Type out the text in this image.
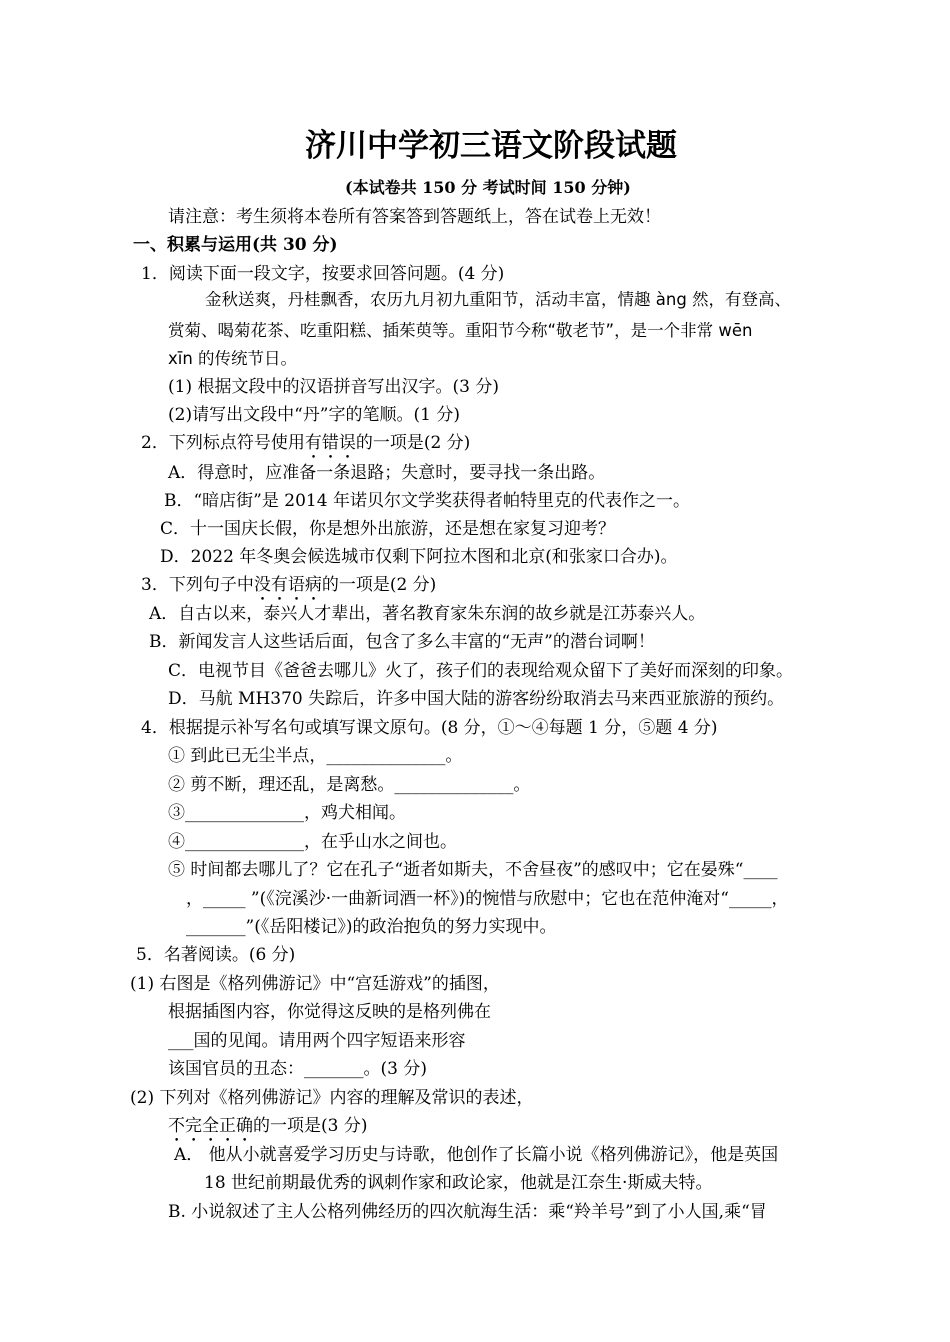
济川中学初三语文阶段试题
(本试卷共 150 分 考试时间 150 分钟)
请注意：考生须将本卷所有答案答到答题纸上，答在试卷上无效！
一、积累与运用(共 30 分)
1．阅读下面一段文字，按要求回答问题。(4 分)
金秋送爽，丹桂飘香，农历九月初九重阳节，活动丰富，情趣 àng 然，有登高、
赏菊、喝菊花茶、吃重阳糕、插茱萸等。重阳节今称“敬老节”，是一个非常 wēn
xīn 的传统节日。
(1) 根据文段中的汉语拼音写出汉字。(3 分)
(2)请写出文段中“丹”字的笔顺。(1 分)
2．下列标点符号使用有错误的一项是(2 分)
A．得意时，应准备一条退路；失意时，要寻找一条出路。
B．“暗店街”是 2014 年诺贝尔文学奖获得者帕特里克的代表作之一。
C．十一国庆长假，你是想外出旅游，还是想在家复习迎考？
D．2022 年冬奥会候选城市仅剩下阿拉木图和北京(和张家口合办)。
3．下列句子中没有语病的一项是(2 分)
A．自古以来，泰兴人才辈出，著名教育家朱东润的故乡就是江苏泰兴人。
B．新闻发言人这些话后面，包含了多么丰富的“无声”的潜台词啊！
C．电视节目《爸爸去哪儿》火了，孩子们的表现给观众留下了美好而深刻的印象。
D．马航 MH370 失踪后，许多中国大陆的游客纷纷取消去马来西亚旅游的预约。
4．根据提示补写名句或填写课文原句。(8 分，①～④每题 1 分，⑤题 4 分)
① 到此已无尘半点，______________。
② 剪不断，理还乱，是离愁。______________。
③______________，鸡犬相闻。
④______________，在乎山水之间也。
⑤ 时间都去哪儿了？它在孔子“逝者如斯夫，不舍昼夜”的感叹中；它在晏殊“____
，_____ ”(《浣溪沙·一曲新词酒一杯》)的惋惜与欣慰中；它也在范仲淹对“_____，
_______”(《岳阳楼记》)的政治抱负的努力实现中。
5．名著阅读。(6 分)
(1) 右图是《格列佛游记》中“宫廷游戏”的插图，
根据插图内容，你觉得这反映的是格列佛在
___国的见闻。请用两个四字短语来形容
该国官员的丑态：_______。(3 分)
(2) 下列对《格列佛游记》内容的理解及常识的表述，
不完全正确的一项是(3 分)
A． 他从小就喜爱学习历史与诗歌，他创作了长篇小说《格列佛游记》，他是英国
18 世纪前期最优秀的讽刺作家和政论家，他就是江奈生·斯威夫特。
B. 小说叙述了主人公格列佛经历的四次航海生活：乘“羚羊号”到了小人国,乘“冒
